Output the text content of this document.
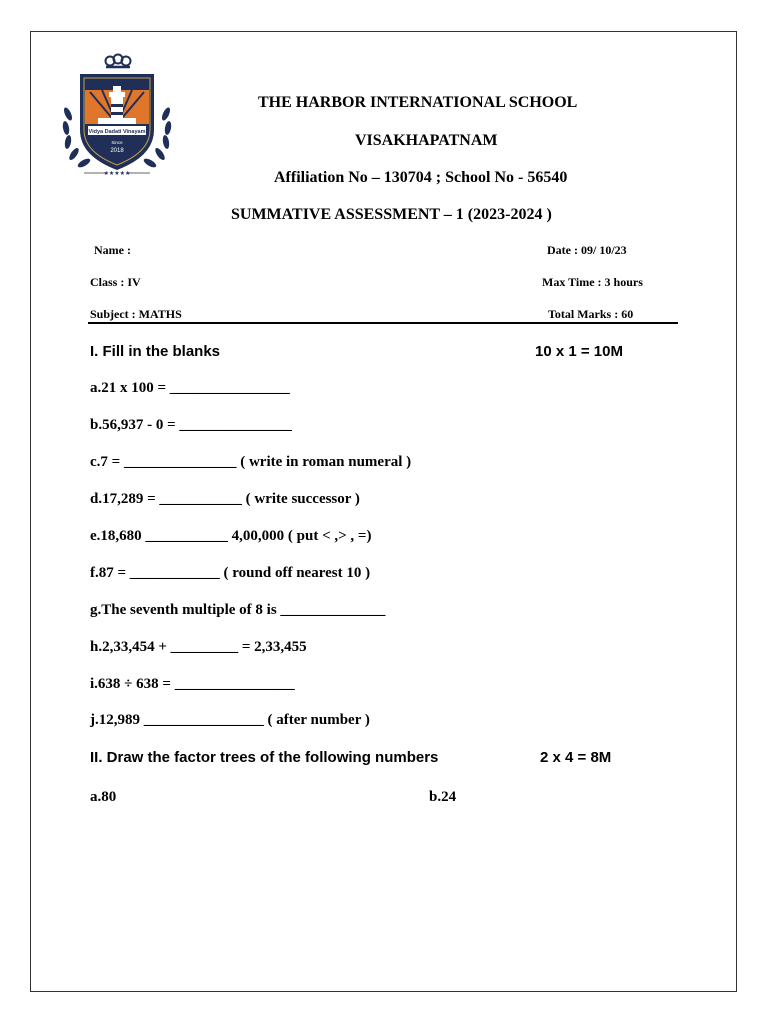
Vidya Dadati Vinayam
Since
2018
★★★★★
THE HARBOR INTERNATIONAL SCHOOL
VISAKHAPATNAM
Affiliation No – 130704 ; School No - 56540
SUMMATIVE ASSESSMENT – 1 (2023-2024 )
Name :	Date : 09/ 10/23
Class : IV	Max Time : 3 hours
Subject : MATHS	Total Marks : 60
I. Fill in the blanks	10 x 1 = 10M
a.21 x 100 = ________________
b.56,937 - 0 = _______________
c.7 = _______________ ( write in roman numeral )
d.17,289 = ___________ ( write successor )
e.18,680 ___________ 4,00,000 ( put < ,> , =)
f.87 = ____________ ( round off nearest 10 )
g.The seventh multiple of 8 is ______________
h.2,33,454 + _________ = 2,33,455
i.638 ÷ 638 = ________________
j.12,989 ________________ ( after number )
II. Draw the factor trees of the following numbers	2 x 4 = 8M
a.80	b.24
